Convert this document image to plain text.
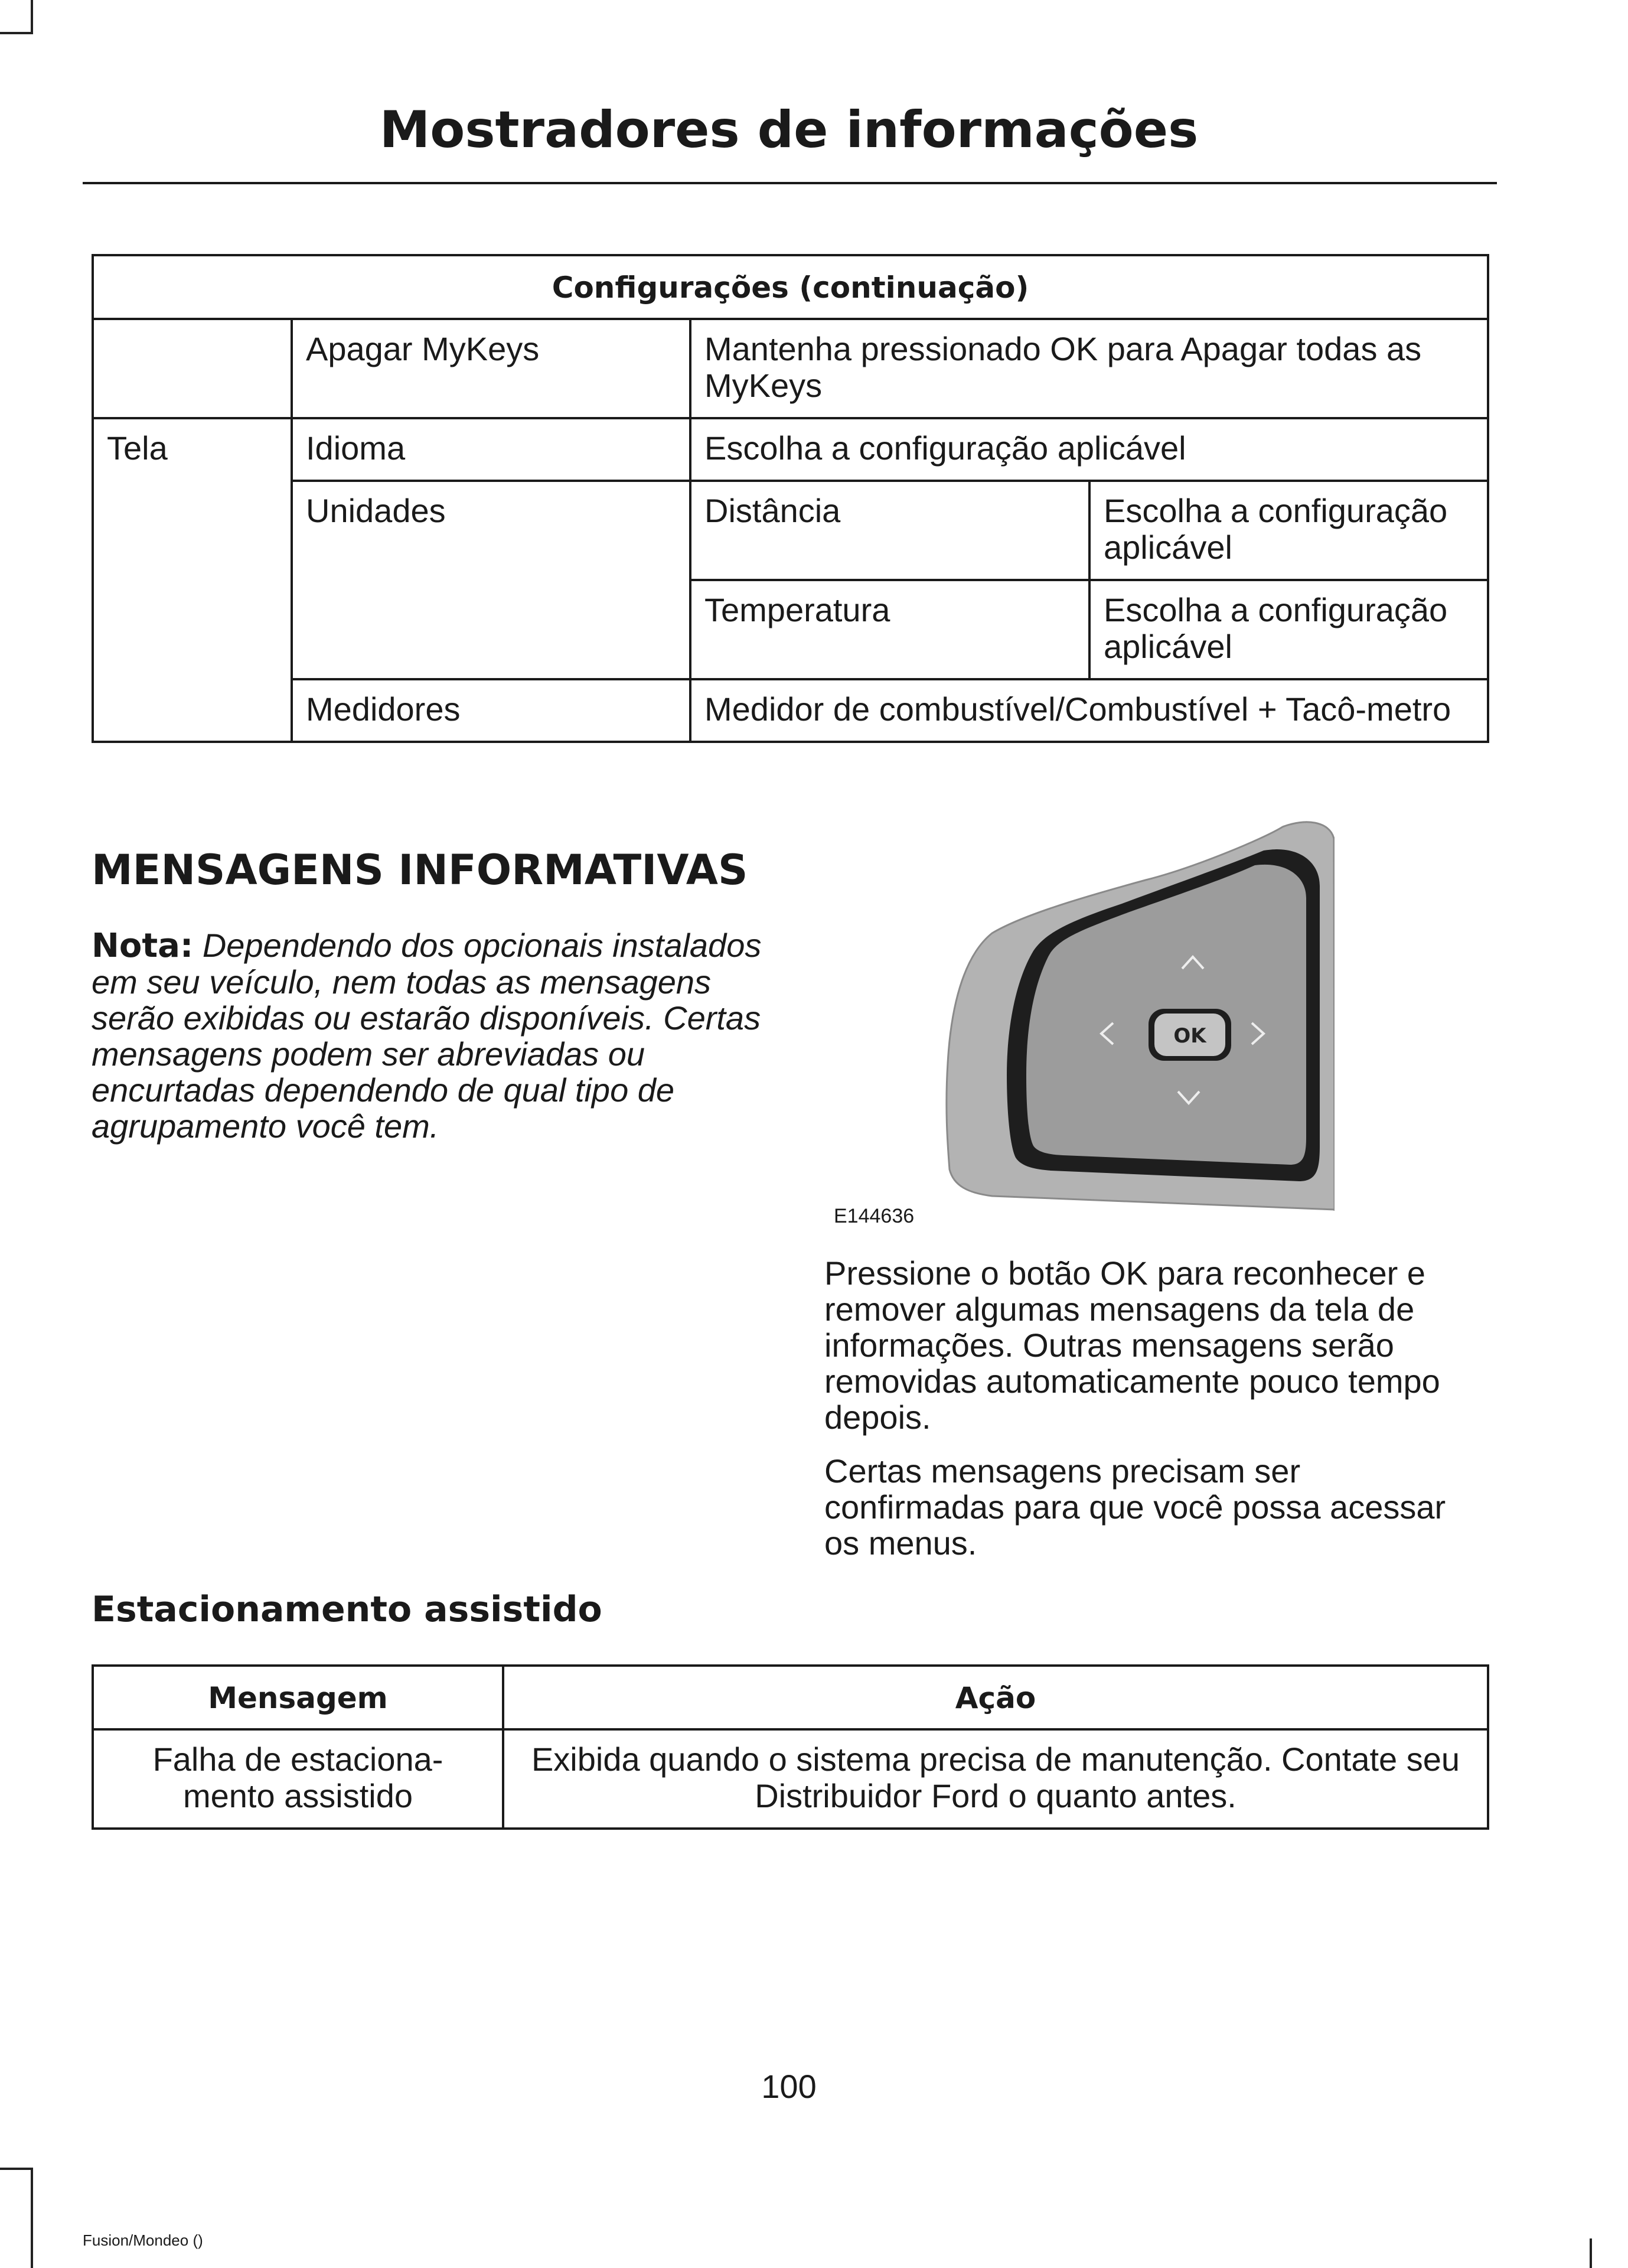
Mostradores de informações
Configurações (continuação)			
	Apagar MyKeys	Mantenha pressionado OK para Apagar todas as MyKeys	
Tela	Idioma	Escolha a configuração aplicável	
	Unidades	Distância	Escolha a configuração aplicável
		Temperatura	Escolha a configuração aplicável
	Medidores	Medidor de combustível/Combustível + Tacô-metro	
MENSAGENS INFORMATIVAS
Nota: Dependendo dos opcionais instalados em seu veículo, nem todas as mensagens serão exibidas ou estarão disponíveis. Certas mensagens podem ser abreviadas ou encurtadas dependendo de qual tipo de agrupamento você tem.
OK
E144636
Pressione o botão OK para reconhecer e remover algumas mensagens da tela de informações. Outras mensagens serão removidas automaticamente pouco tempo depois.
Certas mensagens precisam ser confirmadas para que você possa acessar os menus.
Estacionamento assistido
Mensagem	Ação
Falha de estaciona-mento assistido	Exibida quando o sistema precisa de manutenção. Contate seu Distribuidor Ford o quanto antes.
100
Fusion/Mondeo ()
